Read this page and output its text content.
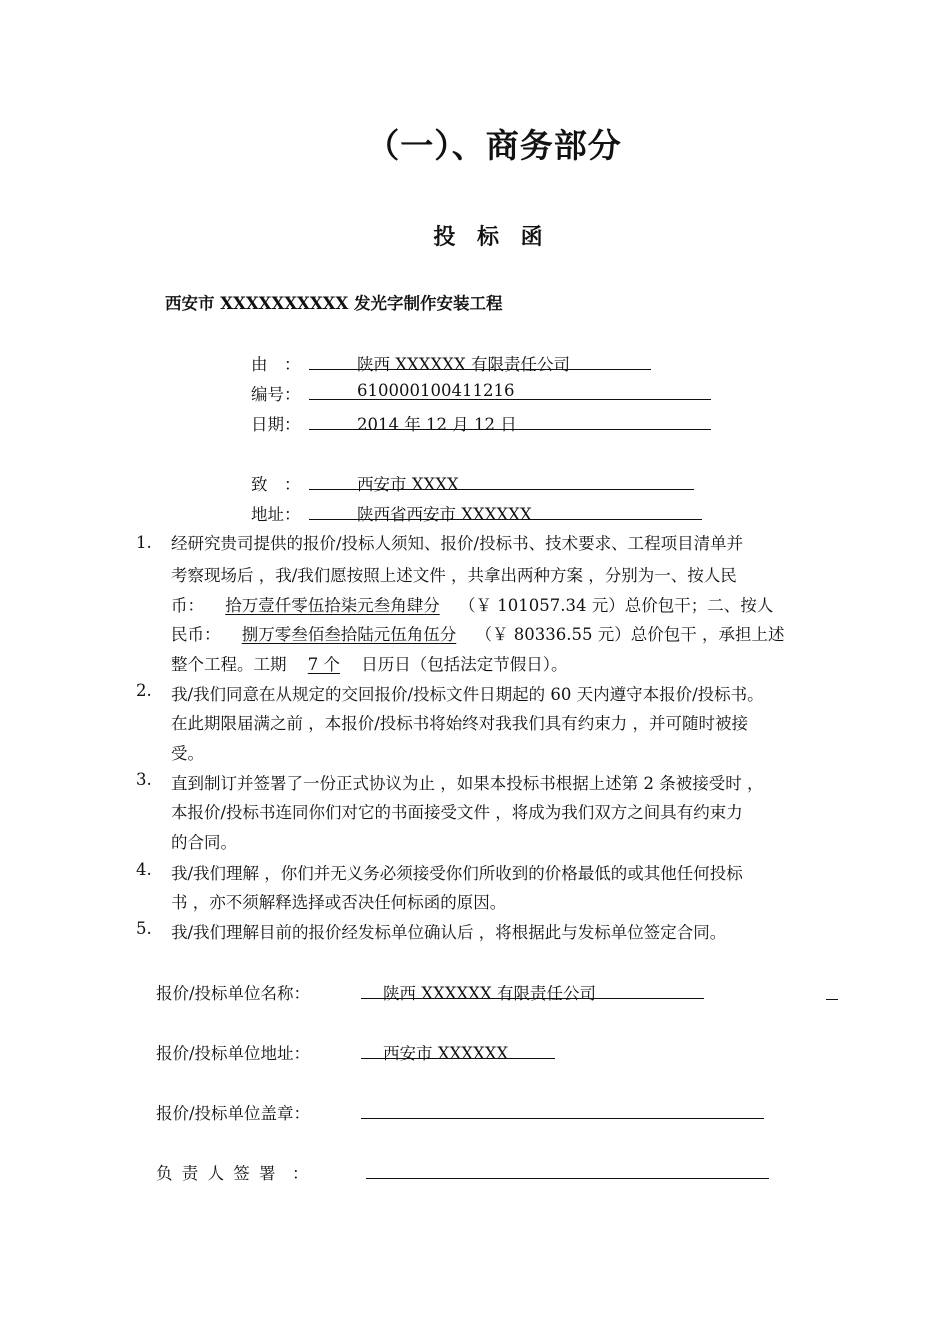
（一）、商务部分
投 标 函
西安市 XXXXXXXXXX 发光字制作安装工程
由　：	陕西 XXXXXX 有限责任公司
编号：	610000100411216
日期：	2014 年 12 月 12 日
致　：	西安市 XXXX
地址：	陕西省西安市 XXXXXX
1. 经研究贵司提供的报价/投标人须知、报价/投标书、技术要求、工程项目清单并
考察现场后 ，我/我们愿按照上述文件 ，共拿出两种方案 ，分别为一、按人民
币： 拾万壹仟零伍拾柒元叁角肆分 （￥ 101057.34 元）总价包干；二、按人
民币： 捌万零叁佰叁拾陆元伍角伍分 （￥ 80336.55 元）总价包干 ，承担上述
整个工程。工期 7 个 日历日（包括法定节假日）。
2. 我/我们同意在从规定的交回报价/投标文件日期起的 60 天内遵守本报价/投标书。
在此期限届满之前 ，本报价/投标书将始终对我我们具有约束力 ，并可随时被接
受。
3. 直到制订并签署了一份正式协议为止 ，如果本投标书根据上述第 2 条被接受时 ，
本报价/投标书连同你们对它的书面接受文件 ，将成为我们双方之间具有约束力
的合同。
4. 我/我们理解 ，你们并无义务必须接受你们所收到的价格最低的或其他任何投标
书 ，亦不须解释选择或否决任何标函的原因。
5. 我/我们理解目前的报价经发标单位确认后 ，将根据此与发标单位签定合同。
报价/投标单位名称：	陕西 XXXXXX 有限责任公司
报价/投标单位地址：	西安市 XXXXXX
报价/投标单位盖章：
负 责 人 签 署　：
